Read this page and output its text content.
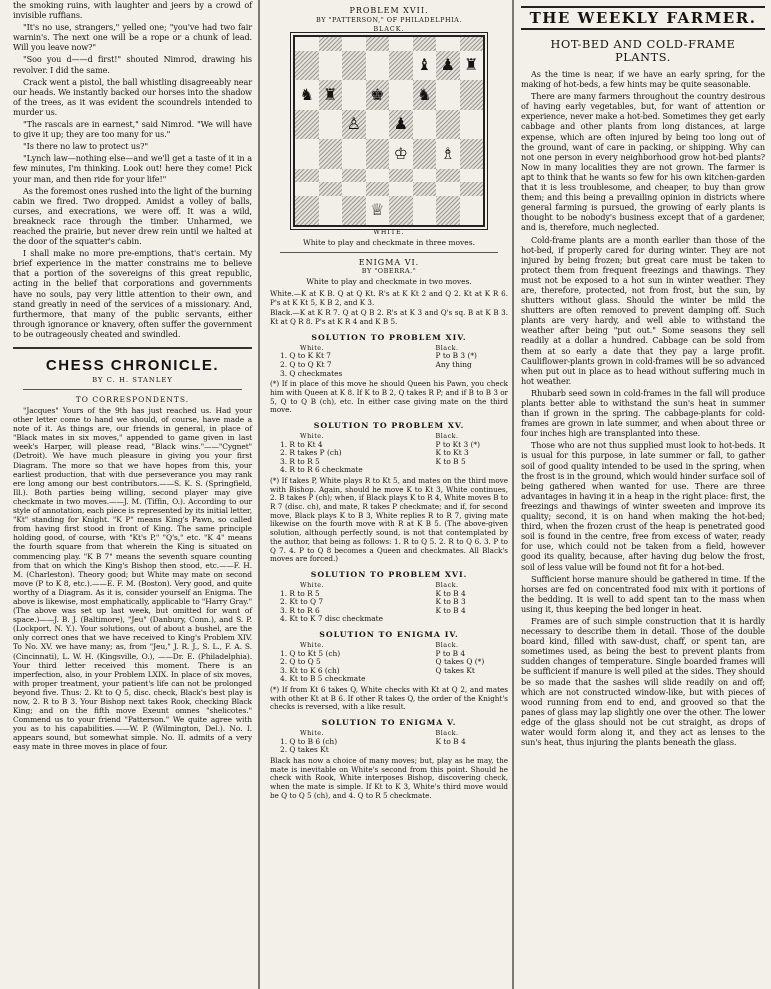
the smoking ruins, with laughter and jeers by a crowd of invisible ruffians.

"It's no use, strangers," yelled one; "you've had two fair warnin's. The next one will be a rope or a chunk of lead. Will you leave now?"

"Soo you d——d first!" shouted Nimrod, drawing his revolver. I did the same.

Crack went a pistol, the ball whistling disagreeably near our heads. We instantly backed our horses into the shadow of the trees, as it was evident the scoundrels intended to murder us.

"The rascals are in earnest," said Nimrod. "We will have to give it up; they are too many for us."

"Is there no law to protect us?"

"Lynch law—nothing else—and we'll get a taste of it in a few minutes, I'm thinking. Look out! here they come! Pick your man, and then ride for your life!"

As the foremost ones rushed into the light of the burning cabin we fired. Two dropped. Amidst a volley of balls, curses, and execrations, we were off. It was a wild, breakneck race through the timber. Unharmed, we reached the prairie, but never drew rein until we halted at the door of the squatter's cabin.

I shall make no more pre-emptions, that's certain. My brief experience in the matter constrains me to believe that a portion of the sovereigns of this great republic, acting in the belief that corporations and governments have no souls, pay very little attention to their own, and stand greatly in need of the services of a missionary. And, furthermore, that many of the public servants, either through ignorance or knavery, often suffer the government to be outrageously cheated and swindled.

CHESS CHRONICLE.
BY C. H. STANLEY
TO CORRESPONDENTS.

"Jacques" Yours of the 9th has just reached us. Had your other letter come to hand we should, of course, have made a note of it. As things are, our friends in general, in place of "Black mates in six moves," appended to game given in last week's Harper, will please read, "Black wins."——"Cygnet" (Detroit). We have much pleasure in giving you your first Diagram. The more so that we have hopes from this, your earliest production, that with due perseverance you may rank ere long among our best contributors.——S. K. S. (Springfield, Ill.). Both parties being willing, second player may give checkmate in two moves.——J. M. (Tiffin, O.). According to our style of annotation, each piece is represented by its initial letter, "Kt" standing for Knight. "K P" means King's Pawn, so called from having first stood in front of King. The same principle holding good, of course, with "Kt's P," "Q's," etc. "K 4" means the fourth square from that wherein the King is situated on commencing play. "K B 7" means the seventh square counting from that on which the King's Bishop then stood, etc.——F. H. M. (Charleston). Theory good; but White may mate on second move (P to K 8, etc.).——E. F. M. (Boston). Very good, and quite worthy of a Diagram. As it is, consider yourself an Enigma. The above is likewise, most emphatically, applicable to "Harry Gray." (The above was set up last week, but omitted for want of space.)——J. B. J. (Baltimore), "Jeu" (Danbury, Conn.), and S. P. (Lockport, N. Y.). Your solutions, out of about a bushel, are the only correct ones that we have received to King's Problem XIV. To No. XV. we have many; as, from "Jeu," J. R. J., S. L., F. A. S. (Cincinnati), L. W. H. (Kingsville, O.), ——Dr. E. (Philadelphia). Your third letter received this moment. There is an imperfection, also, in your Problem LXIX. In place of six moves, with proper treatment, your patient's life can not be prolonged beyond five. Thus: 2. Kt to Q 5, disc. check, Black's best play is now, 2. R to B 3. Your Bishop next takes Rook, checking Black King; and on the fifth move Exeunt omnes "shelicotes." Commend us to your friend "Patterson." We quite agree with you as to his capabilities.——W. P. (Wilmington, Del.). No. I. appears sound, but somewhat simple. No. II. admits of a very easy mate in three moves in place of four.

PROBLEM XVII.
BY "PATTERSON," OF PHILADELPHIA.
BLACK.
♝ ♟ ♜
♞ ♜ ♚ ♞
♙ ♟
♔ ♗
♕
WHITE.
White to play and checkmate in three moves.
ENIGMA VI.
BY "OBERRA."
White to play and checkmate in two moves.
White.—K at K B. Q at Q Kt. R's at K Kt 2 and Q 2. Kt at K R 6. P's at K Kt 5, K B 2, and K 3.
Black.—K at K R 7. Q at Q B 2. R's at K 3 and Q's sq. B at K B 3. Kt at Q R 8. P's at K R 4 and K B 5.
SOLUTION TO PROBLEM XIV.
White.	Black.
1. Q to K Kt 7	P to B 3 (*)
2. Q to Q Kt 7	Any thing
3. Q checkmates	
(*) If in place of this move he should Queen his Pawn, you check him with Queen at K 8. If K to B 2, Q takes R P; and if B to B 3 or 5, Q to Q B (ch), etc. In either case giving mate on the third move.
SOLUTION TO PROBLEM XV.
White.	Black.
1. R to Kt 4	P to Kt 3 (*)
2. R takes P (ch)	K to Kt 3
3. R to R 5	K to B 5
4. R to R 6 checkmate	
(*) If takes P, White plays R to Kt 5, and mates on the third move with Bishop. Again, should he move K to Kt 3, White continues, 2. B takes P (ch); when, if Black plays K to R 4, White moves B to R 7 (disc. ch), and mate, R takes P checkmate; and if, for second move, Black plays K to B 3, White replies R to R 7, giving mate likewise on the fourth move with R at K B 5. (The above-given solution, although perfectly sound, is not that contemplated by the author, that being as follows: 1. R to Q 5. 2. R to Q 6. 3. P to Q 7. 4. P to Q 8 becomes a Queen and checkmates. All Black's moves are forced.)
SOLUTION TO PROBLEM XVI.
White.	Black.
1. R to R 5	K to B 4
2. Kt to Q 7	K to B 3
3. R to R 6	K to B 4
4. Kt to K 7 disc checkmate	
SOLUTION TO ENIGMA IV.
White.	Black.
1. Q to Kt 5 (ch)	P to B 4
2. Q to Q 5	Q takes Q (*)
3. Kt to K 6 (ch)	Q takes Kt
4. Kt to B 5 checkmate	
(*) If from Kt 6 takes Q, White checks with Kt at Q 2, and mates with other Kt at B 6. If other R takes Q, the order of the Knight's checks is reversed, with a like result.
SOLUTION TO ENIGMA V.
White.	Black.
1. Q to B 6 (ch)	K to B 4
2. Q takes Kt	
Black has now a choice of many moves; but, play as he may, the mate is inevitable on White's second from this point. Should he check with Rook, White interposes Bishop, discovering check, when the mate is simple. If Kt to K 3, White's third move would be Q to Q 5 (ch), and 4. Q to R 5 checkmate.
THE WEEKLY FARMER.
HOT-BED AND COLD-FRAME PLANTS.

As the time is near, if we have an early spring, for the making of hot-beds, a few hints may be quite seasonable.

There are many farmers throughout the country desirous of having early vegetables, but, for want of attention or experience, never make a hot-bed. Sometimes they get early cabbage and other plants from long distances, at large expense, which are often injured by being too long out of the ground, want of care in packing, or shipping. Why can not one person in every neighborhood grow hot-bed plants? Now in many localities they are not grown. The farmer is apt to think that he wants so few for his own kitchen-garden that it is less troublesome, and cheaper, to buy than grow them; and this being a prevailing opinion in districts where general farming is pursued, the growing of early plants is thought to be nobody's business except that of a gardener, and is, therefore, much neglected.

Cold-frame plants are a month earlier than those of the hot-bed, if properly cared for during winter. They are not injured by being frozen; but great care must be taken to protect them from frequent freezings and thawings. They must not be exposed to a hot sun in winter weather. They are, therefore, protected, not from frost, but the sun, by shutters without glass. Should the winter be mild the shutters are often removed to prevent damping off. Such plants are very hardy, and well able to withstand the weather after being "put out." Some seasons they sell readily at a dollar a hundred. Cabbage can be sold from them at so early a date that they pay a large profit. Cauliflower-plants grown in cold-frames will be so advanced when put out in place as to head without suffering much in hot weather.

Rhubarb seed sown in cold-frames in the fall will produce plants better able to withstand the sun's heat in summer than if grown in the spring. The cabbage-plants for cold-frames are grown in late summer, and when about three or four inches high are transplanted into these.

Those who are not thus supplied must look to hot-beds. It is usual for this purpose, in late summer or fall, to gather soil of good quality intended to be used in the spring, when the frost is in the ground, which would hinder surface soil of being gathered when wanted for use. There are three advantages in having it in a heap in the right place: first, the freezings and thawings of winter sweeten and improve its quality; second, it is on hand when making the hot-bed; third, when the frozen crust of the heap is penetrated good soil is found in the centre, free from excess of water, ready for use, which could not be taken from a field, however good its quality, because, after having dug below the frost, soil of less value will be found not fit for a hot-bed.

Sufficient horse manure should be gathered in time. If the horses are fed on concentrated food mix with it portions of the bedding. It is well to add spent tan to the mass when using it, thus keeping the bed longer in heat.

Frames are of such simple construction that it is hardly necessary to describe them in detail. Those of the double board kind, filled with saw-dust, chaff, or spent tan, are sometimes used, as being the best to prevent plants from sudden changes of temperature. Single boarded frames will be sufficient if manure is well piled at the sides. They should be so made that the sashes will slide readily on and off; which are not constructed window-like, but with pieces of wood running from end to end, and grooved so that the panes of glass may lap slightly one over the other. The lower edge of the glass should not be cut straight, as drops of water would form along it, and they act as lenses to the sun's heat, thus injuring the plants beneath the glass.
